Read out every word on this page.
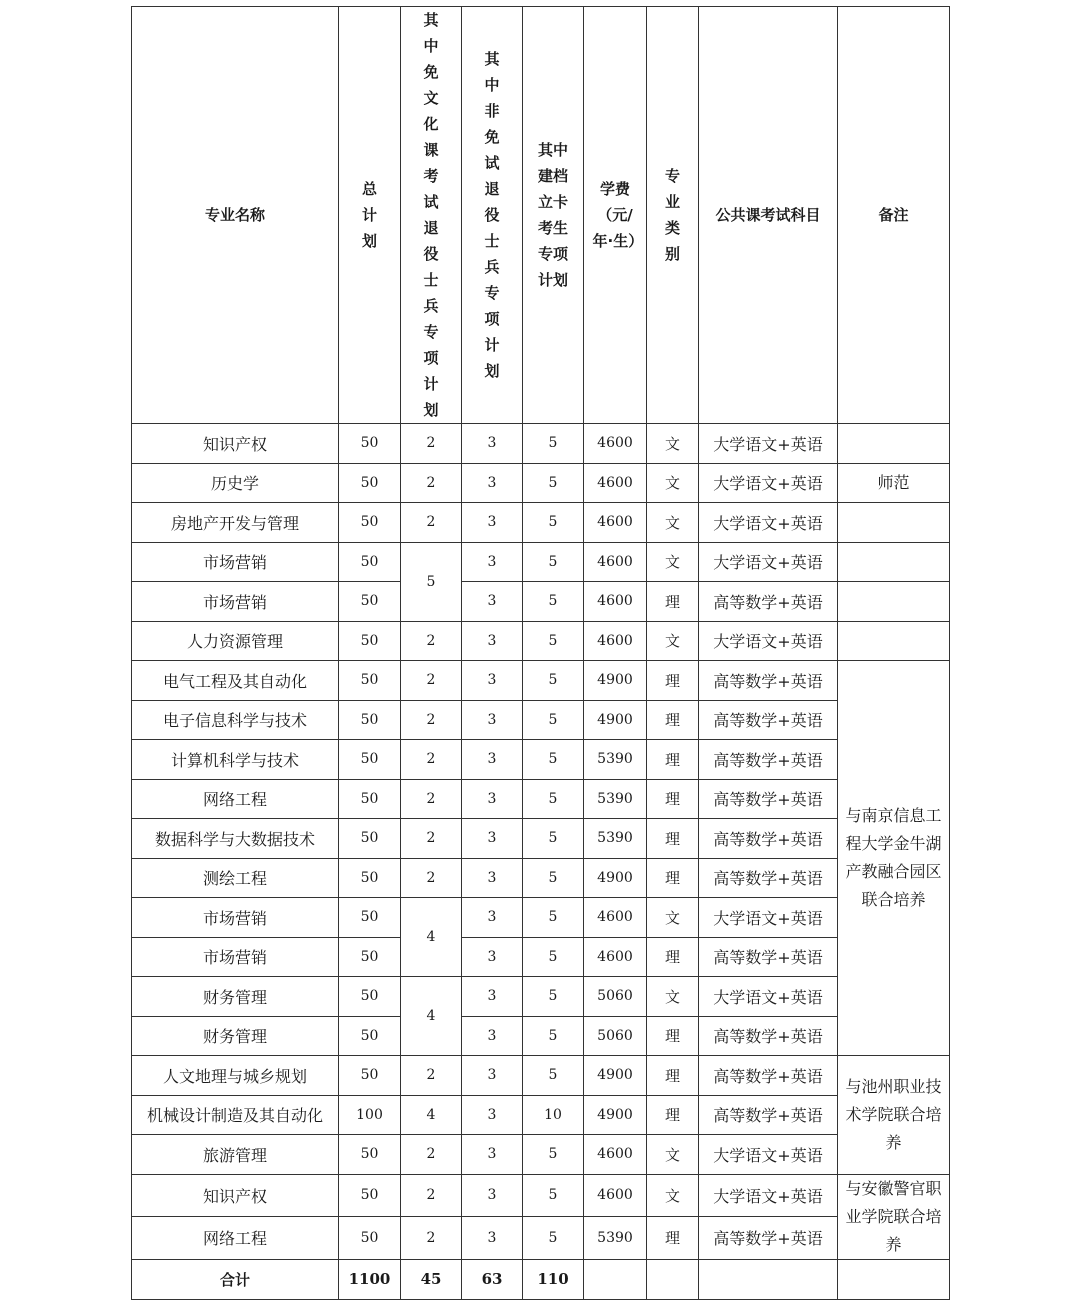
专业名称	总计划	其中免文化课考试退役士兵专项计划	其中非免试退役士兵专项计划	其中建档立卡考生专项计划	学费（元/年·生）	专业类别	公共课考试科目	备注
知识产权	50	2	3	5	4600	文	大学语文+英语	
历史学	50	2	3	5	4600	文	大学语文+英语	师范
房地产开发与管理	50	2	3	5	4600	文	大学语文+英语	
市场营销	50	5	3	5	4600	文	大学语文+英语	
市场营销	50		3	5	4600	理	高等数学+英语	
人力资源管理	50	2	3	5	4600	文	大学语文+英语	
电气工程及其自动化	50	2	3	5	4900	理	高等数学+英语	与南京信息工程大学金牛湖产教融合园区联合培养
电子信息科学与技术	50	2	3	5	4900	理	高等数学+英语	
计算机科学与技术	50	2	3	5	5390	理	高等数学+英语	
网络工程	50	2	3	5	5390	理	高等数学+英语	
数据科学与大数据技术	50	2	3	5	5390	理	高等数学+英语	
测绘工程	50	2	3	5	4900	理	高等数学+英语	
市场营销	50	4	3	5	4600	文	大学语文+英语	
市场营销	50		3	5	4600	理	高等数学+英语	
财务管理	50	4	3	5	5060	文	大学语文+英语	
财务管理	50		3	5	5060	理	高等数学+英语	
人文地理与城乡规划	50	2	3	5	4900	理	高等数学+英语	与池州职业技术学院联合培养
机械设计制造及其自动化	100	4	3	10	4900	理	高等数学+英语	
旅游管理	50	2	3	5	4600	文	大学语文+英语	
知识产权	50	2	3	5	4600	文	大学语文+英语	与安徽警官职业学院联合培养
网络工程	50	2	3	5	5390	理	高等数学+英语	
合计	1100	45	63	110				
